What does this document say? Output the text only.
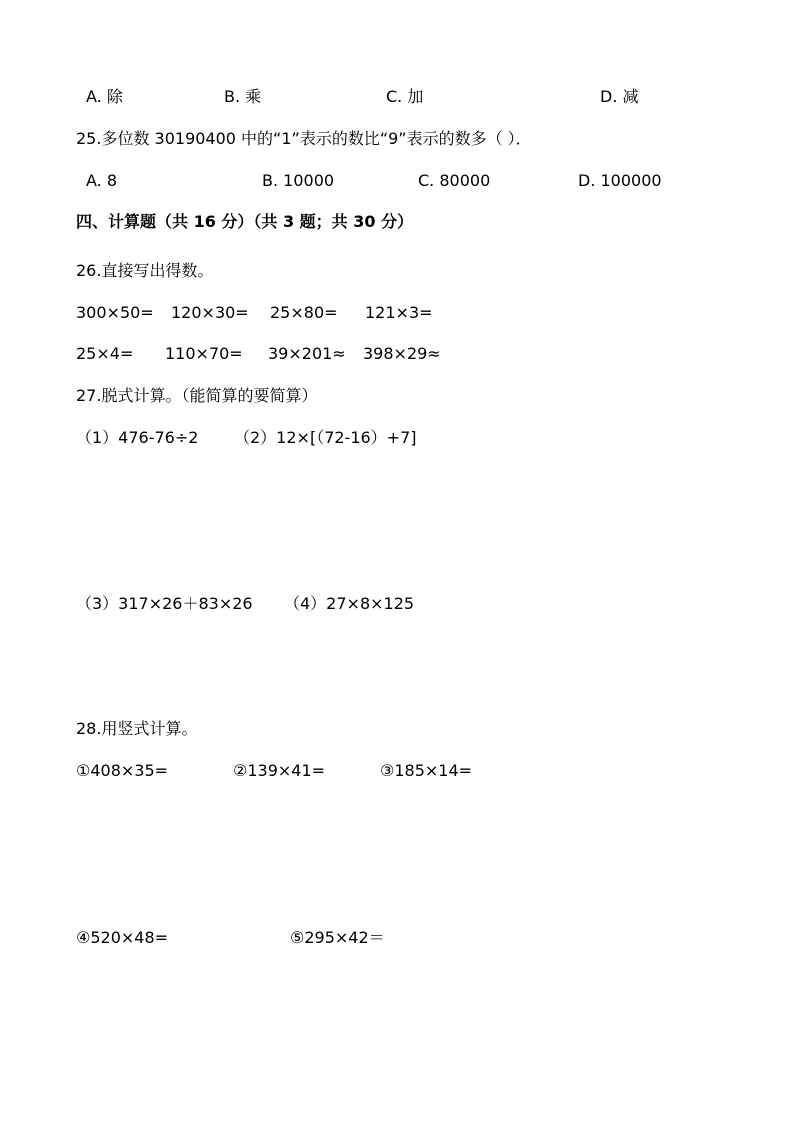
A. 除	B. 乘	C. 加	D. 减
25.多位数 30190400 中的“1”表示的数比“9”表示的数多（ ）．
A. 8	B. 10000	C. 80000	D. 100000
四、计算题（共 16 分）（共 3 题；共 30 分）
26.直接写出得数。
300×50= 120×30= 25×80= 121×3=
25×4= 110×70= 39×201≈ 398×29≈
27.脱式计算。（能简算的要简算）
（1）476-76÷2 （2）12×[（72-16）+7]
（3）317×26＋83×26 （4）27×8×125
28.用竖式计算。
①408×35=	②139×41=	③185×14=
④520×48=	⑤295×42＝
